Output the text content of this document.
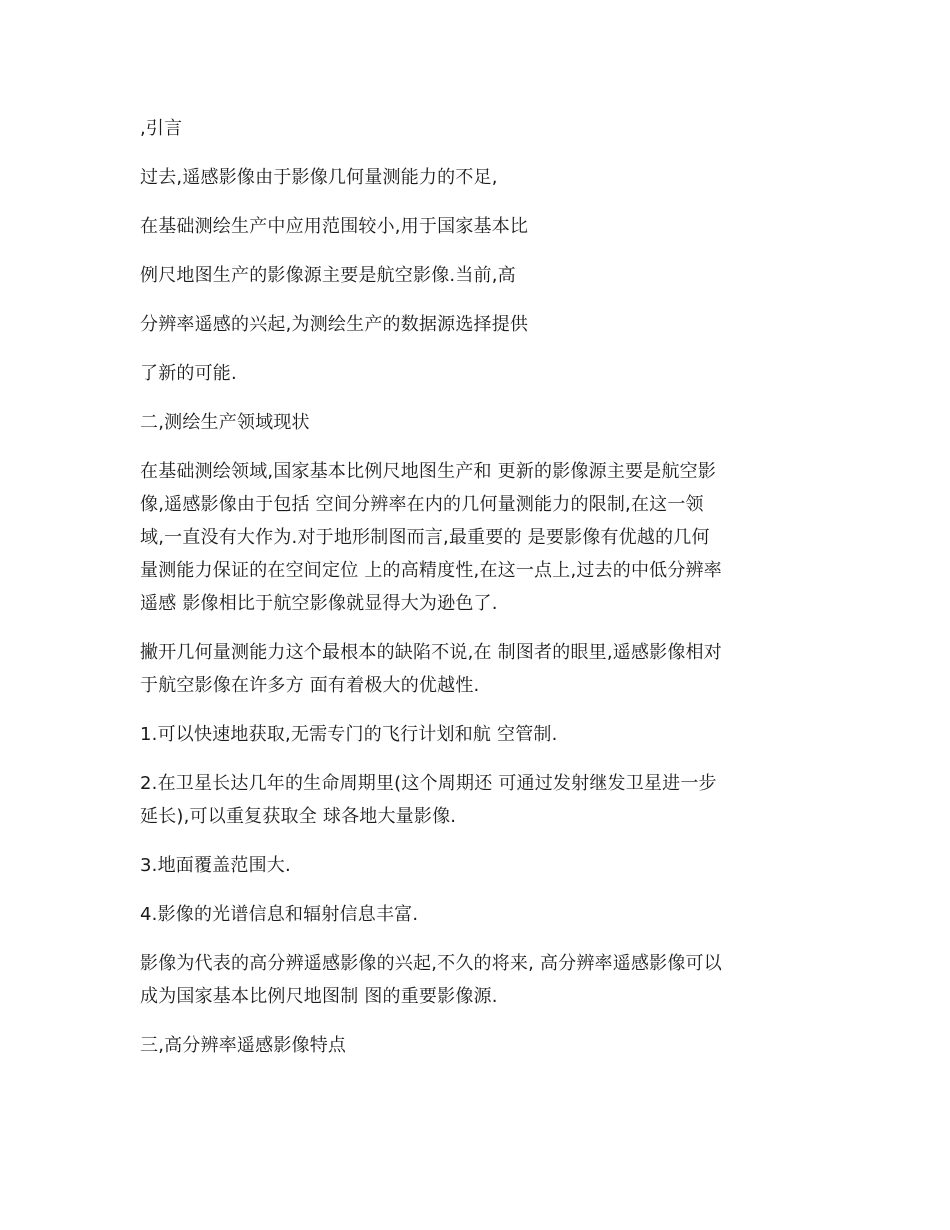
,引言
过去,遥感影像由于影像几何量测能力的不足,
在基础测绘生产中应用范围较小,用于国家基本比
例尺地图生产的影像源主要是航空影像.当前,高
分辨率遥感的兴起,为测绘生产的数据源选择提供
了新的可能.
二,测绘生产领域现状
在基础测绘领域,国家基本比例尺地图生产和 更新的影像源主要是航空影
像,遥感影像由于包括 空间分辨率在内的几何量测能力的限制,在这一领
域,一直没有大作为.对于地形制图而言,最重要的 是要影像有优越的几何
量测能力保证的在空间定位 上的高精度性,在这一点上,过去的中低分辨率
遥感 影像相比于航空影像就显得大为逊色了.
撇开几何量测能力这个最根本的缺陷不说,在 制图者的眼里,遥感影像相对
于航空影像在许多方 面有着极大的优越性.
1.可以快速地获取,无需专门的飞行计划和航 空管制.
2.在卫星长达几年的生命周期里(这个周期还 可通过发射继发卫星进一步
延长),可以重复获取全 球各地大量影像.
3.地面覆盖范围大.
4.影像的光谱信息和辐射信息丰富.
影像为代表的高分辨遥感影像的兴起,不久的将来, 高分辨率遥感影像可以
成为国家基本比例尺地图制 图的重要影像源.
三,高分辨率遥感影像特点
